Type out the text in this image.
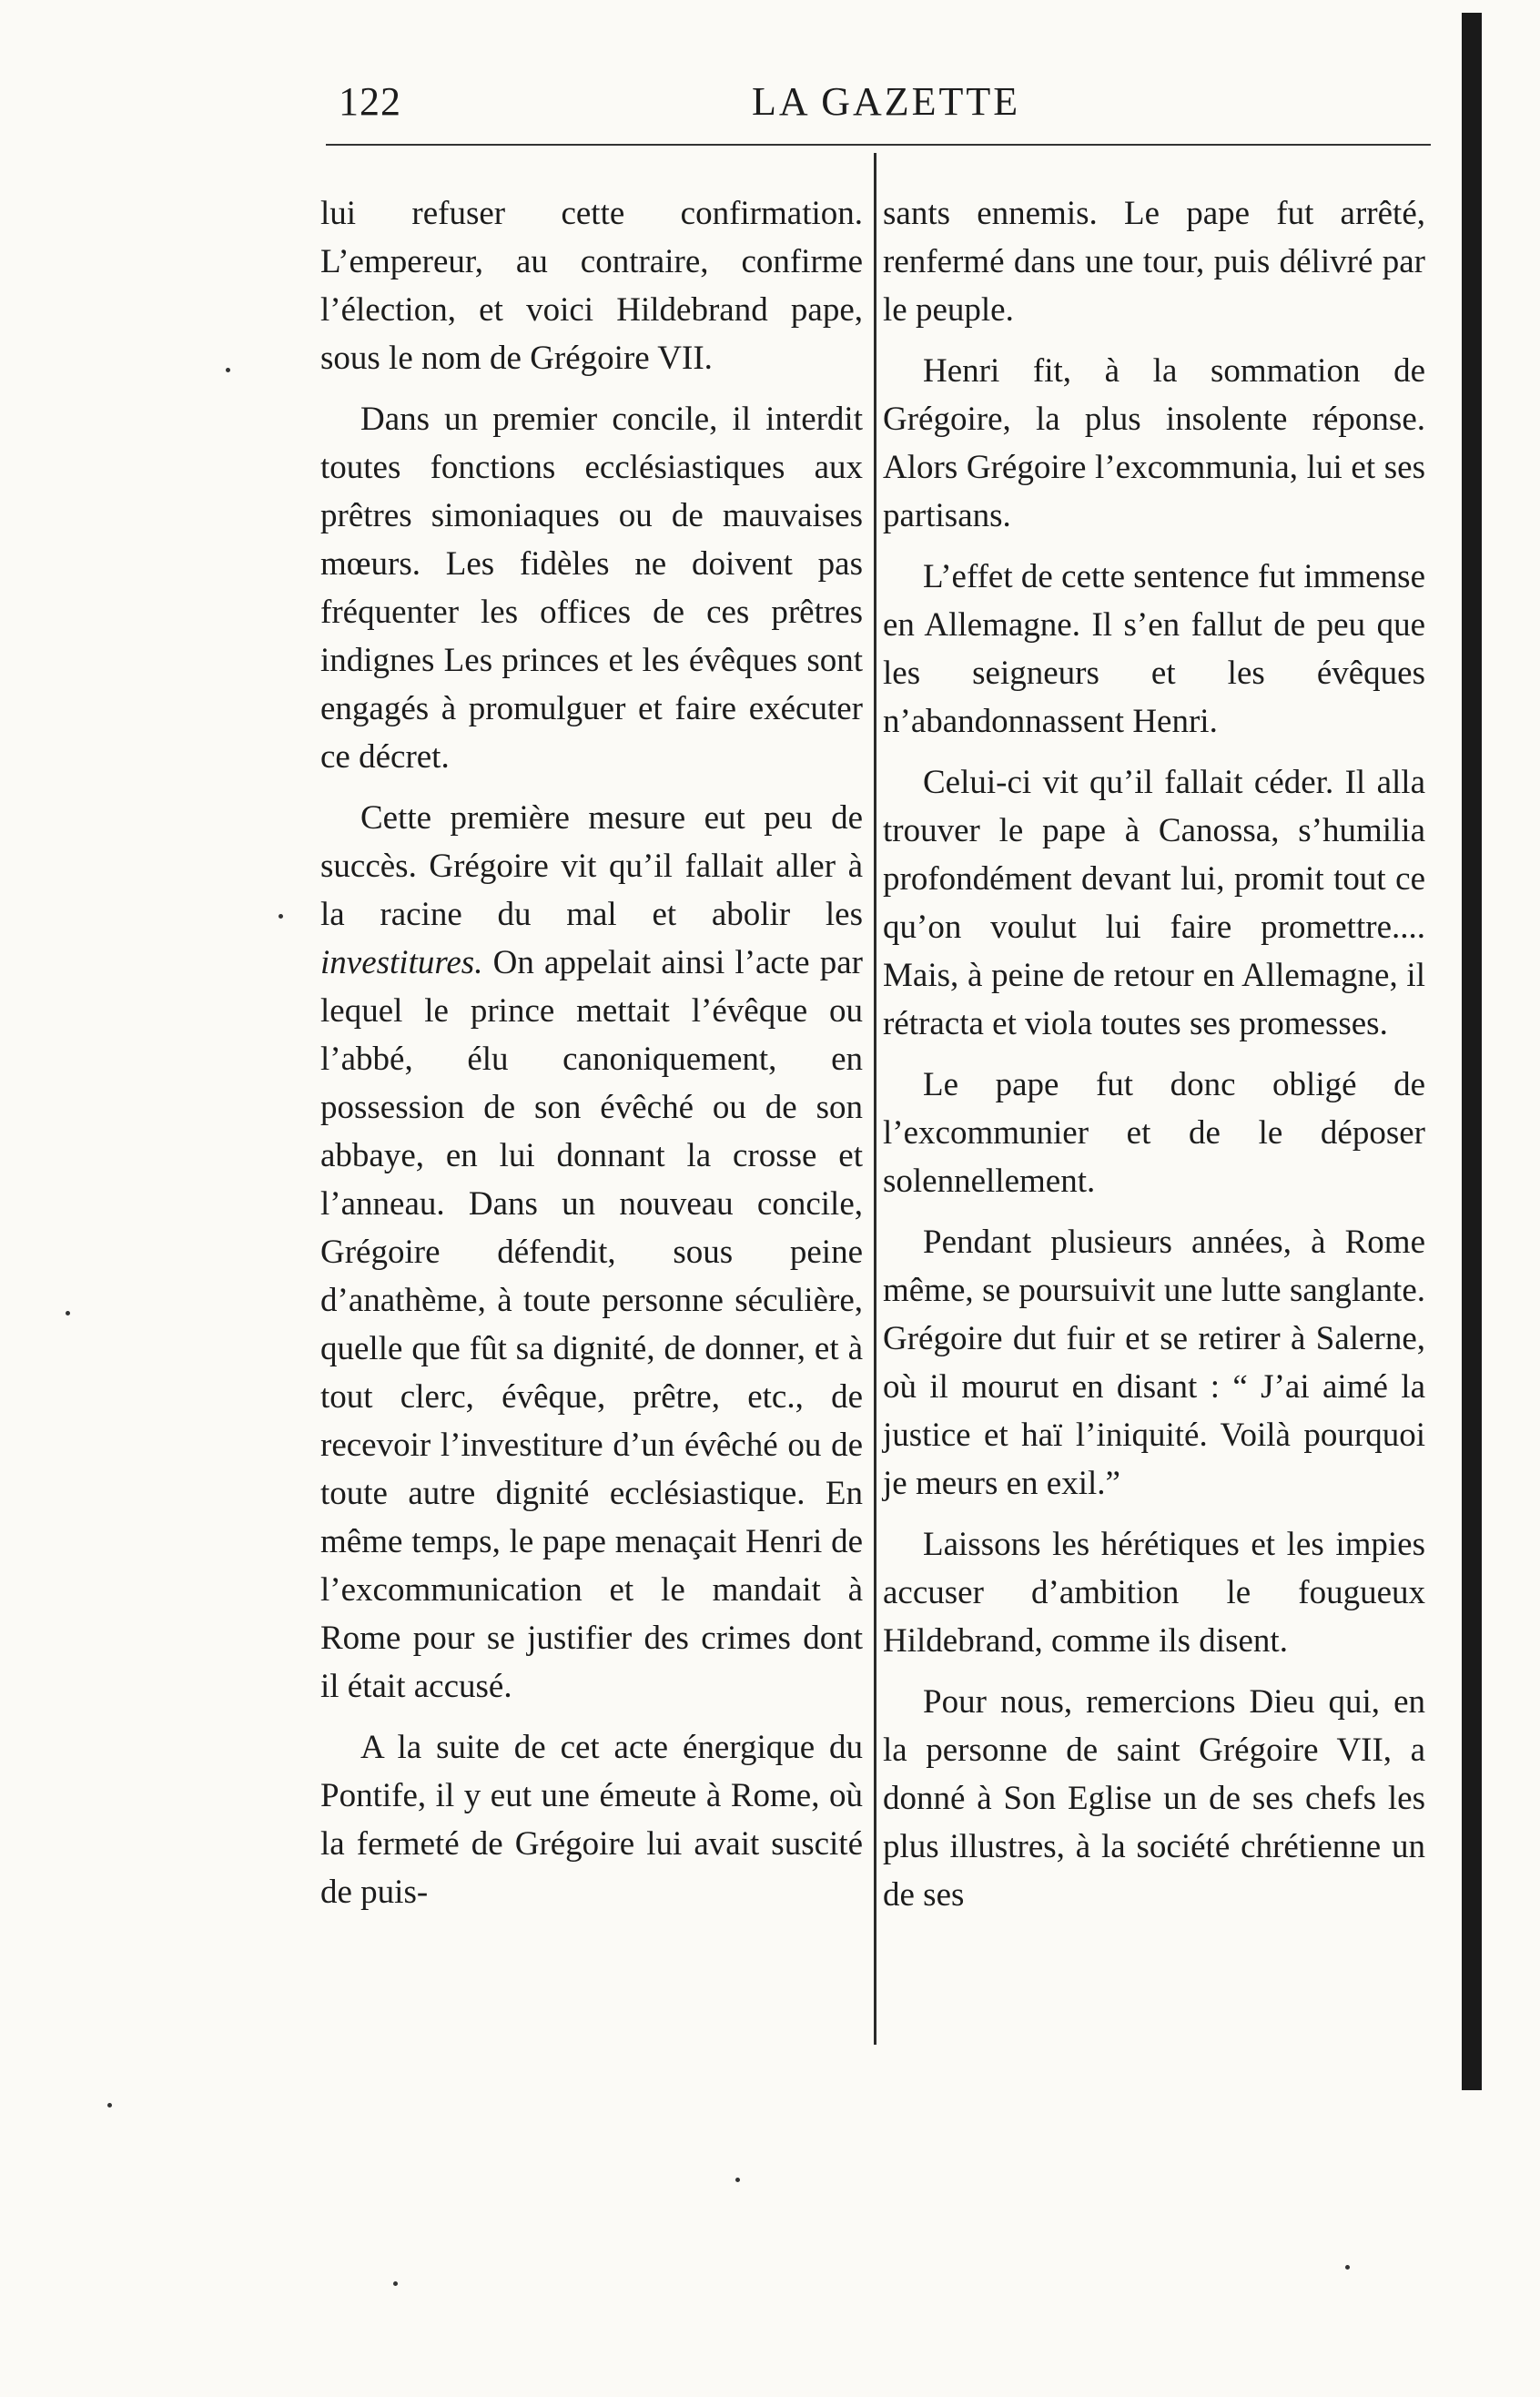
122	LA GAZETTE

lui refuser cette confirmation. L’empereur, au contraire, confirme l’élection, et voici Hildebrand pape, sous le nom de Grégoire VII.

Dans un premier concile, il interdit toutes fonctions ecclésiastiques aux prêtres simoniaques ou de mauvaises mœurs. Les fidèles ne doivent pas fréquenter les offices de ces prêtres indignes Les princes et les évêques sont engagés à promulguer et faire exécuter ce décret.

Cette première mesure eut peu de succès. Grégoire vit qu’il fallait aller à la racine du mal et abolir les investitures. On appelait ainsi l’acte par lequel le prince mettait l’évêque ou l’abbé, élu canoniquement, en possession de son évêché ou de son abbaye, en lui donnant la crosse et l’anneau. Dans un nouveau concile, Grégoire défendit, sous peine d’anathème, à toute personne séculière, quelle que fût sa dignité, de donner, et à tout clerc, évêque, prêtre, etc., de recevoir l’investiture d’un évêché ou de toute autre dignité ecclésiastique. En même temps, le pape menaçait Henri de l’excommunication et le mandait à Rome pour se justifier des crimes dont il était accusé.

A la suite de cet acte énergique du Pontife, il y eut une émeute à Rome, où la fermeté de Grégoire lui avait suscité de puis-

sants ennemis. Le pape fut arrêté, renfermé dans une tour, puis délivré par le peuple.

Henri fit, à la sommation de Grégoire, la plus insolente réponse. Alors Grégoire l’excommunia, lui et ses partisans.

L’effet de cette sentence fut immense en Allemagne. Il s’en fallut de peu que les seigneurs et les évêques n’abandonnassent Henri.

Celui-ci vit qu’il fallait céder. Il alla trouver le pape à Canossa, s’humilia profondément devant lui, promit tout ce qu’on voulut lui faire promettre.... Mais, à peine de retour en Allemagne, il rétracta et viola toutes ses promesses.

Le pape fut donc obligé de l’excommunier et de le déposer solennellement.

Pendant plusieurs années, à Rome même, se poursuivit une lutte sanglante. Grégoire dut fuir et se retirer à Salerne, où il mourut en disant : “ J’ai aimé la justice et haï l’iniquité. Voilà pourquoi je meurs en exil.”

Laissons les hérétiques et les impies accuser d’ambition le fougueux Hildebrand, comme ils disent.

Pour nous, remercions Dieu qui, en la personne de saint Grégoire VII, a donné à Son Eglise un de ses chefs les plus illustres, à la société chrétienne un de ses
